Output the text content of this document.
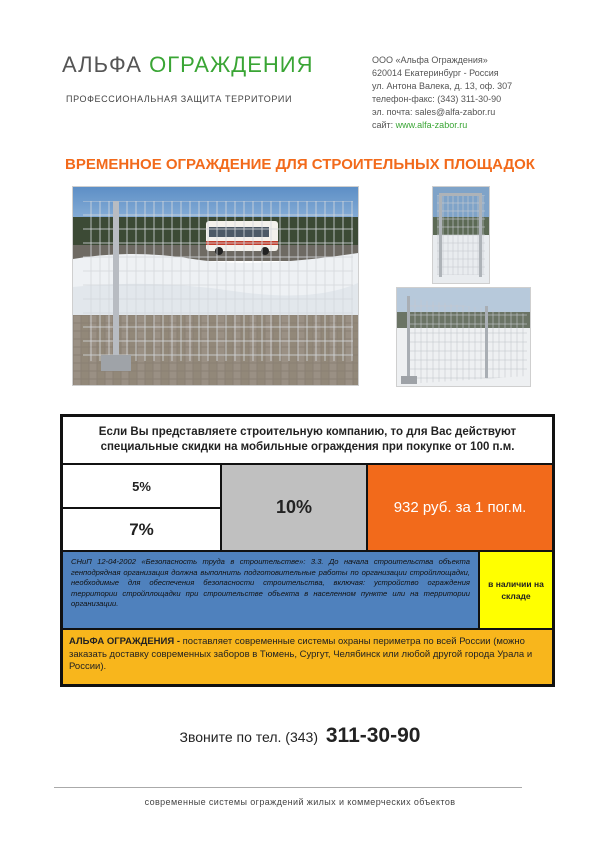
АЛЬФА ОГРАЖДЕНИЯ
ПРОФЕССИОНАЛЬНАЯ ЗАЩИТА ТЕРРИТОРИИ
ООО «Альфа Ограждения»
620014 Екатеринбург - Россия
ул. Антона Валека, д. 13, оф. 307
телефон-факс: (343) 311-30-90
эл. почта: sales@alfa-zabor.ru
сайт: www.alfa-zabor.ru
ВРЕМЕННОЕ ОГРАЖДЕНИЕ ДЛЯ СТРОИТЕЛЬНЫХ ПЛОЩАДОК
Если Вы представляете строительную компанию, то для Вас действуют специальные скидки на мобильные ограждения при покупке от 100 п.м.
5%
7%
10%	932 руб. за 1 пог.м.
СНиП 12-04-2002 «Безопасность труда в строительстве»: 3.3. До начала строительства объекта генподрядная организация должна выполнить подготовительные работы по организации стройплощадки, необходимые для обеспечения безопасности строительства, включая: устройство ограждения территории стройплощадки при строительстве объекта в населенном пункте или на территории организации.
в наличии на складе
АЛЬФА ОГРАЖДЕНИЯ - поставляет современные системы охраны периметра по всей России (можно заказать доставку современных заборов в Тюмень, Сургут, Челябинск или любой другой города Урала и России).
Звоните по тел. (343) 311-30-90
современные системы ограждений жилых и коммерческих объектов
